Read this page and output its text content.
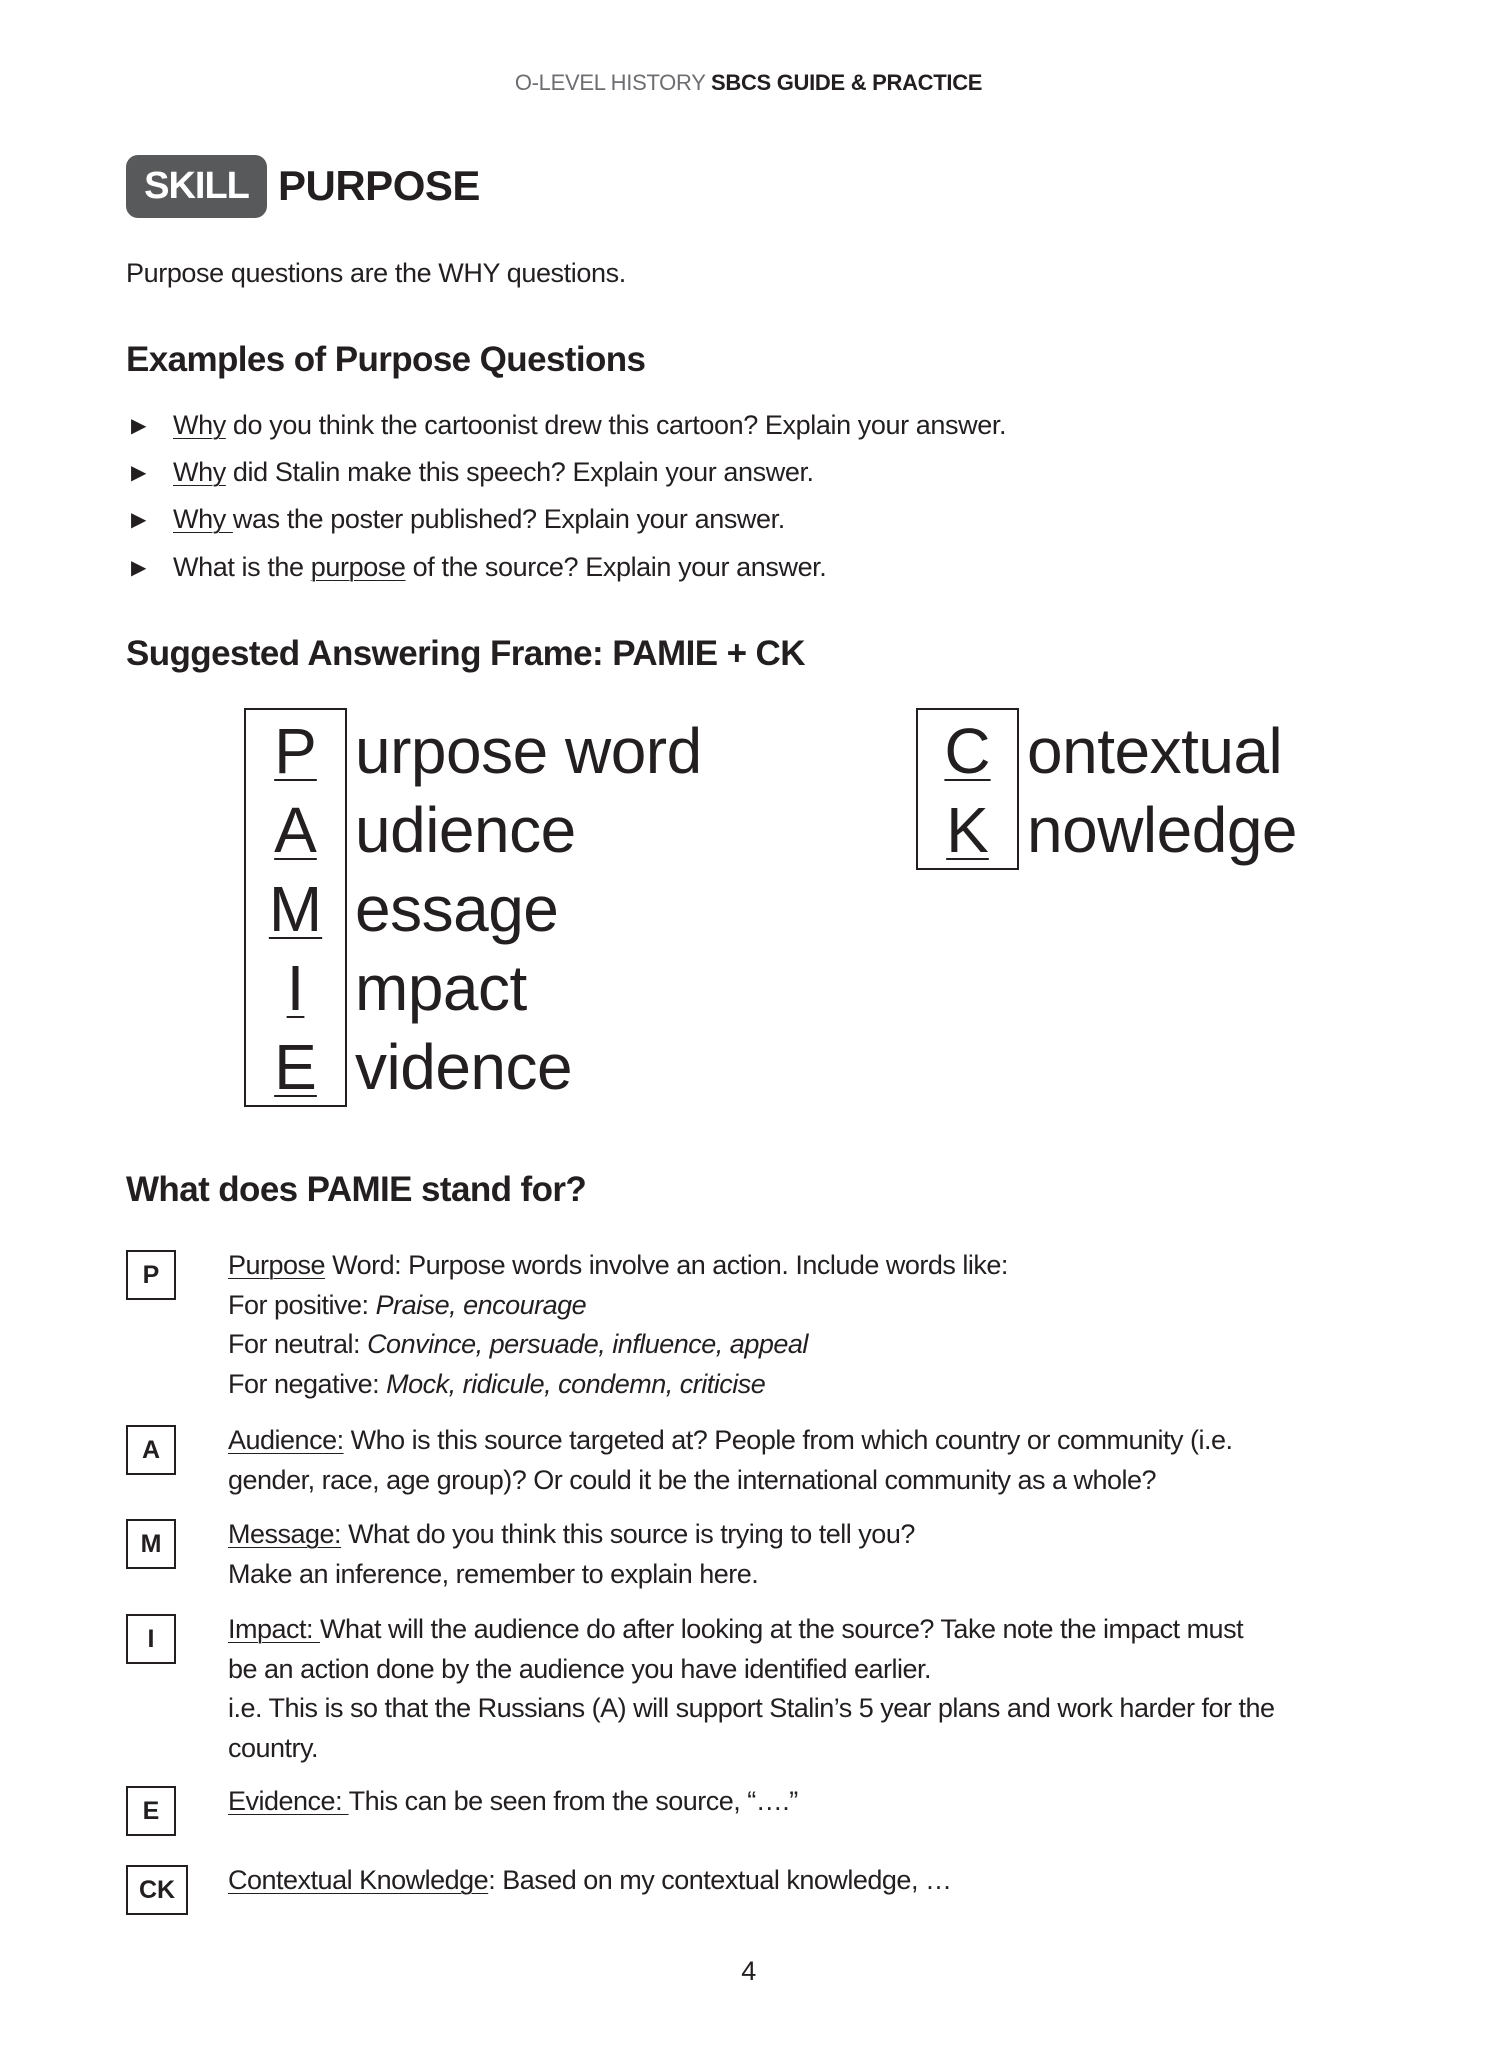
O-LEVEL HISTORY SBCS GUIDE & PRACTICE
SKILL PURPOSE
Purpose questions are the WHY questions.
Examples of Purpose Questions
▶ Why do you think the cartoonist drew this cartoon? Explain your answer.
▶ Why did Stalin make this speech? Explain your answer.
▶ Why was the poster published? Explain your answer.
▶ What is the purpose of the source? Explain your answer.
Suggested Answering Frame: PAMIE + CK
P urpose word
A udience
M essage
I mpact
E vidence
C ontextual
K nowledge
What does PAMIE stand for?
P	Purpose Word: Purpose words involve an action. Include words like:
For positive: Praise, encourage
For neutral: Convince, persuade, influence, appeal
For negative: Mock, ridicule, condemn, criticise
A	Audience: Who is this source targeted at? People from which country or community (i.e.
gender, race, age group)? Or could it be the international community as a whole?
M	Message: What do you think this source is trying to tell you?
Make an inference, remember to explain here.
I	Impact: What will the audience do after looking at the source? Take note the impact must
be an action done by the audience you have identified earlier.
i.e. This is so that the Russians (A) will support Stalin’s 5 year plans and work harder for the
country.
E	Evidence: This can be seen from the source, “….”
CK	Contextual Knowledge: Based on my contextual knowledge, …
4
